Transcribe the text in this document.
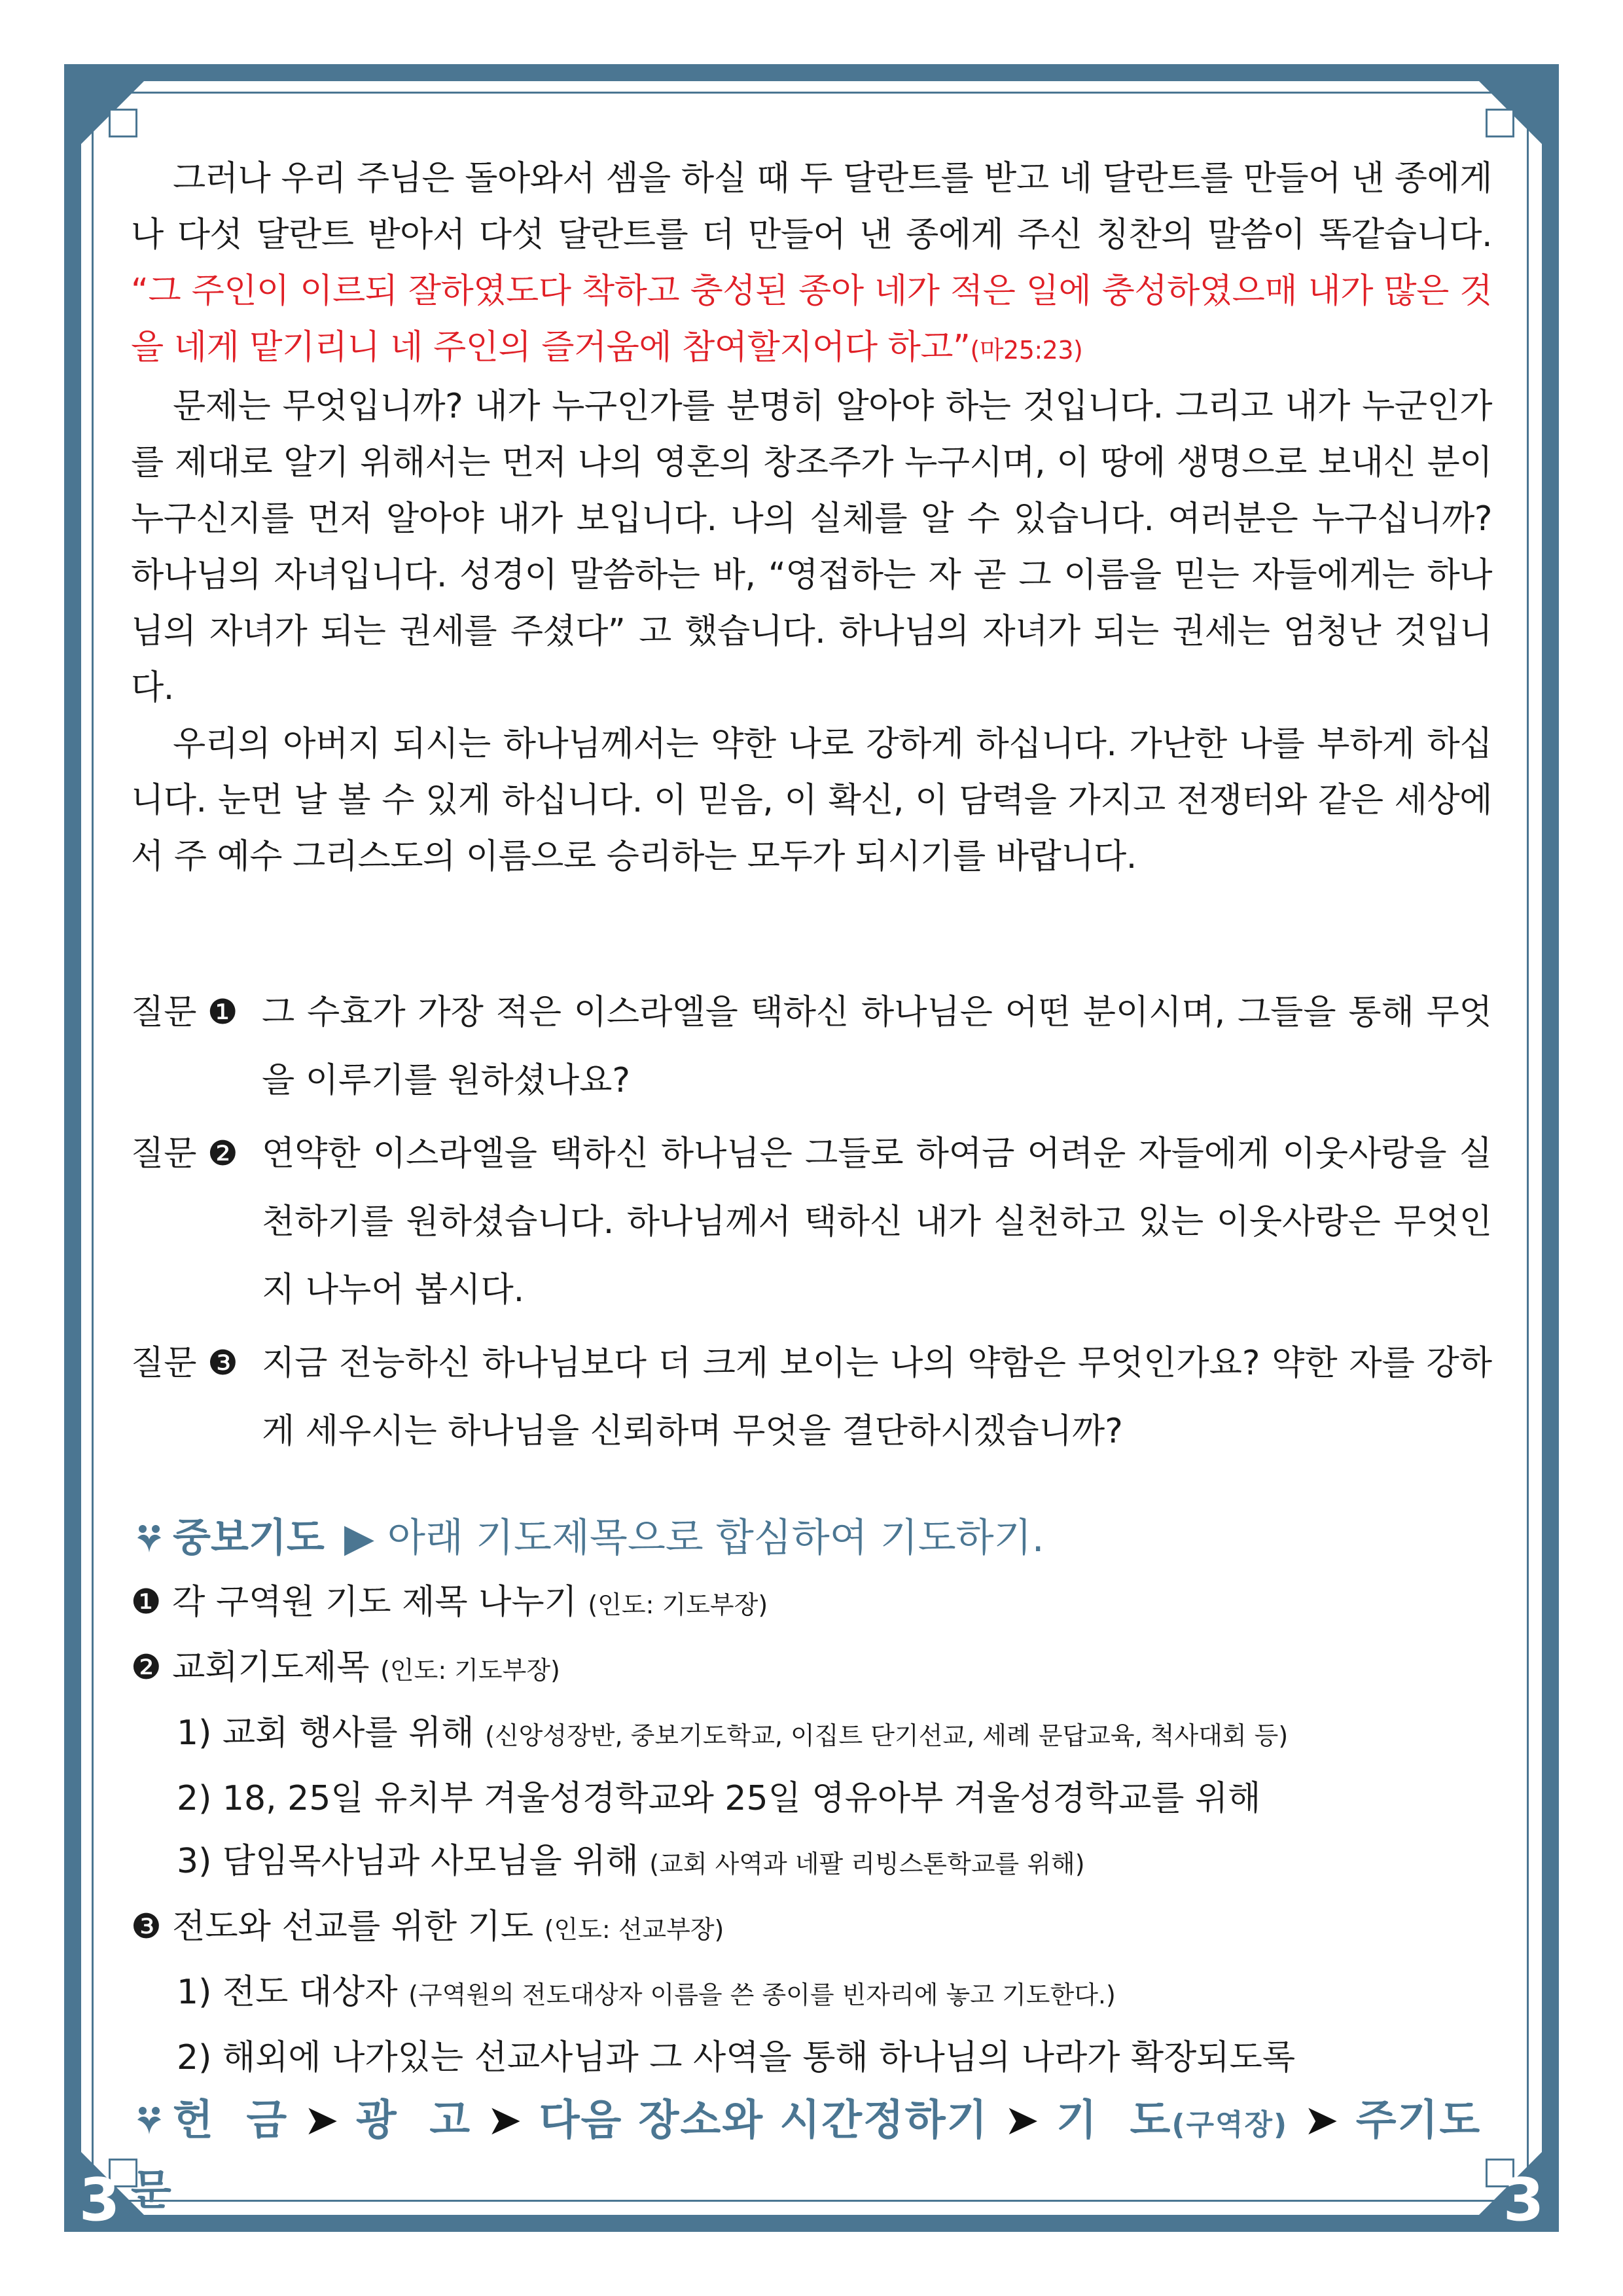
3	3

그러나 우리 주님은 돌아와서 셈을 하실 때 두 달란트를 받고 네 달란트를 만들어 낸 종에게나 다섯 달란트 받아서 다섯 달란트를 더 만들어 낸 종에게 주신 칭찬의 말씀이 똑같습니다. “그 주인이 이르되 잘하였도다 착하고 충성된 종아 네가 적은 일에 충성하였으매 내가 많은 것을 네게 맡기리니 네 주인의 즐거움에 참여할지어다 하고”(마25:23)

문제는 무엇입니까? 내가 누구인가를 분명히 알아야 하는 것입니다. 그리고 내가 누군인가를 제대로 알기 위해서는 먼저 나의 영혼의 창조주가 누구시며, 이 땅에 생명으로 보내신 분이 누구신지를 먼저 알아야 내가 보입니다. 나의 실체를 알 수 있습니다. 여러분은 누구십니까? 하나님의 자녀입니다. 성경이 말씀하는 바, “영접하는 자 곧 그 이름을 믿는 자들에게는 하나님의 자녀가 되는 권세를 주셨다” 고 했습니다. 하나님의 자녀가 되는 권세는 엄청난 것입니다.

우리의 아버지 되시는 하나님께서는 약한 나로 강하게 하십니다. 가난한 나를 부하게 하십니다. 눈먼 날 볼 수 있게 하십니다. 이 믿음, 이 확신, 이 담력을 가지고 전쟁터와 같은 세상에서 주 예수 그리스도의 이름으로 승리하는 모두가 되시기를 바랍니다.

질문 ❶ 그 수효가 가장 적은 이스라엘을 택하신 하나님은 어떤 분이시며, 그들을 통해 무엇을 이루기를 원하셨나요?
질문 ❷ 연약한 이스라엘을 택하신 하나님은 그들로 하여금 어려운 자들에게 이웃사랑을 실천하기를 원하셨습니다. 하나님께서 택하신 내가 실천하고 있는 이웃사랑은 무엇인지 나누어 봅시다.
질문 ❸ 지금 전능하신 하나님보다 더 크게 보이는 나의 약함은 무엇인가요? 약한 자를 강하게 세우시는 하나님을 신뢰하며 무엇을 결단하시겠습니까?
중보기도 ▶ 아래 기도제목으로 합심하여 기도하기.
❶ 각 구역원 기도 제목 나누기 (인도: 기도부장)
❷ 교회기도제목 (인도: 기도부장)
1) 교회 행사를 위해 (신앙성장반, 중보기도학교, 이집트 단기선교, 세례 문답교육, 척사대회 등)
2) 18, 25일 유치부 겨울성경학교와 25일 영유아부 겨울성경학교를 위해
3) 담임목사님과 사모님을 위해 (교회 사역과 네팔 리빙스톤학교를 위해)
❸ 전도와 선교를 위한 기도 (인도: 선교부장)
1) 전도 대상자 (구역원의 전도대상자 이름을 쓴 종이를 빈자리에 놓고 기도한다.)
2) 해외에 나가있는 선교사님과 그 사역을 통해 하나님의 나라가 확장되도록
헌  금 ➤ 광  고 ➤ 다음 장소와 시간정하기 ➤ 기  도(구역장) ➤ 주기도문
